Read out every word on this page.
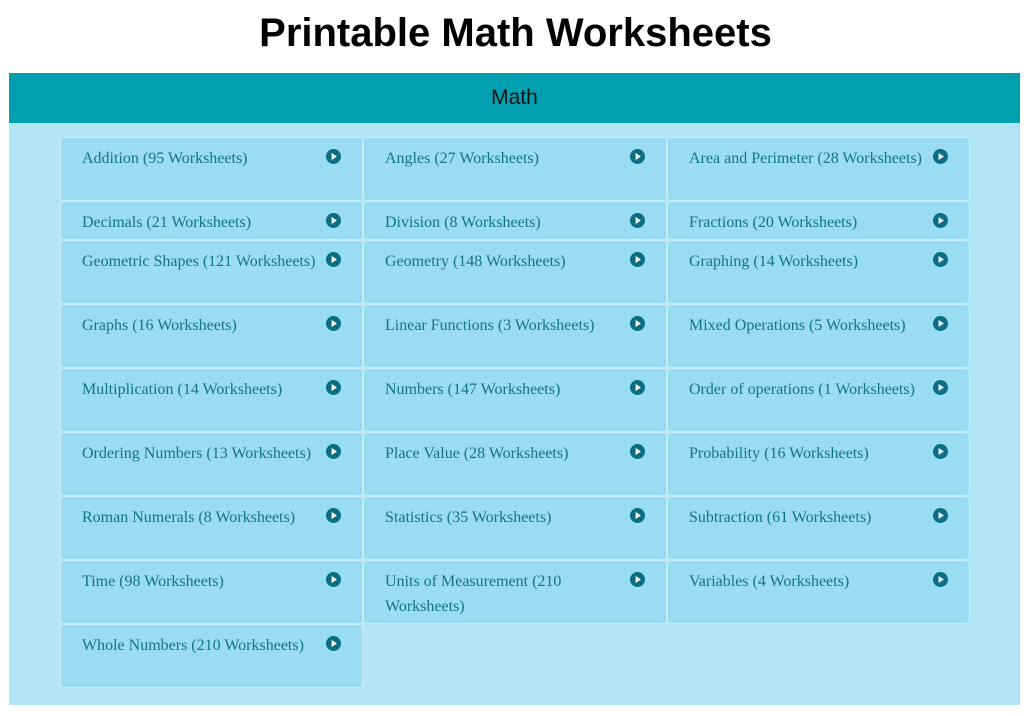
Printable Math Worksheets
Math
Addition (95 Worksheets)	Angles (27 Worksheets)	Area and Perimeter (28 Worksheets)
Decimals (21 Worksheets)	Division (8 Worksheets)	Fractions (20 Worksheets)
Geometric Shapes (121 Worksheets)	Geometry (148 Worksheets)	Graphing (14 Worksheets)
Graphs (16 Worksheets)	Linear Functions (3 Worksheets)	Mixed Operations (5 Worksheets)
Multiplication (14 Worksheets)	Numbers (147 Worksheets)	Order of operations (1 Worksheets)
Ordering Numbers (13 Worksheets)	Place Value (28 Worksheets)	Probability (16 Worksheets)
Roman Numerals (8 Worksheets)	Statistics (35 Worksheets)	Subtraction (61 Worksheets)
Time (98 Worksheets)	Units of Measurement (210 Worksheets)
Variables (4 Worksheets)
Whole Numbers (210 Worksheets)
